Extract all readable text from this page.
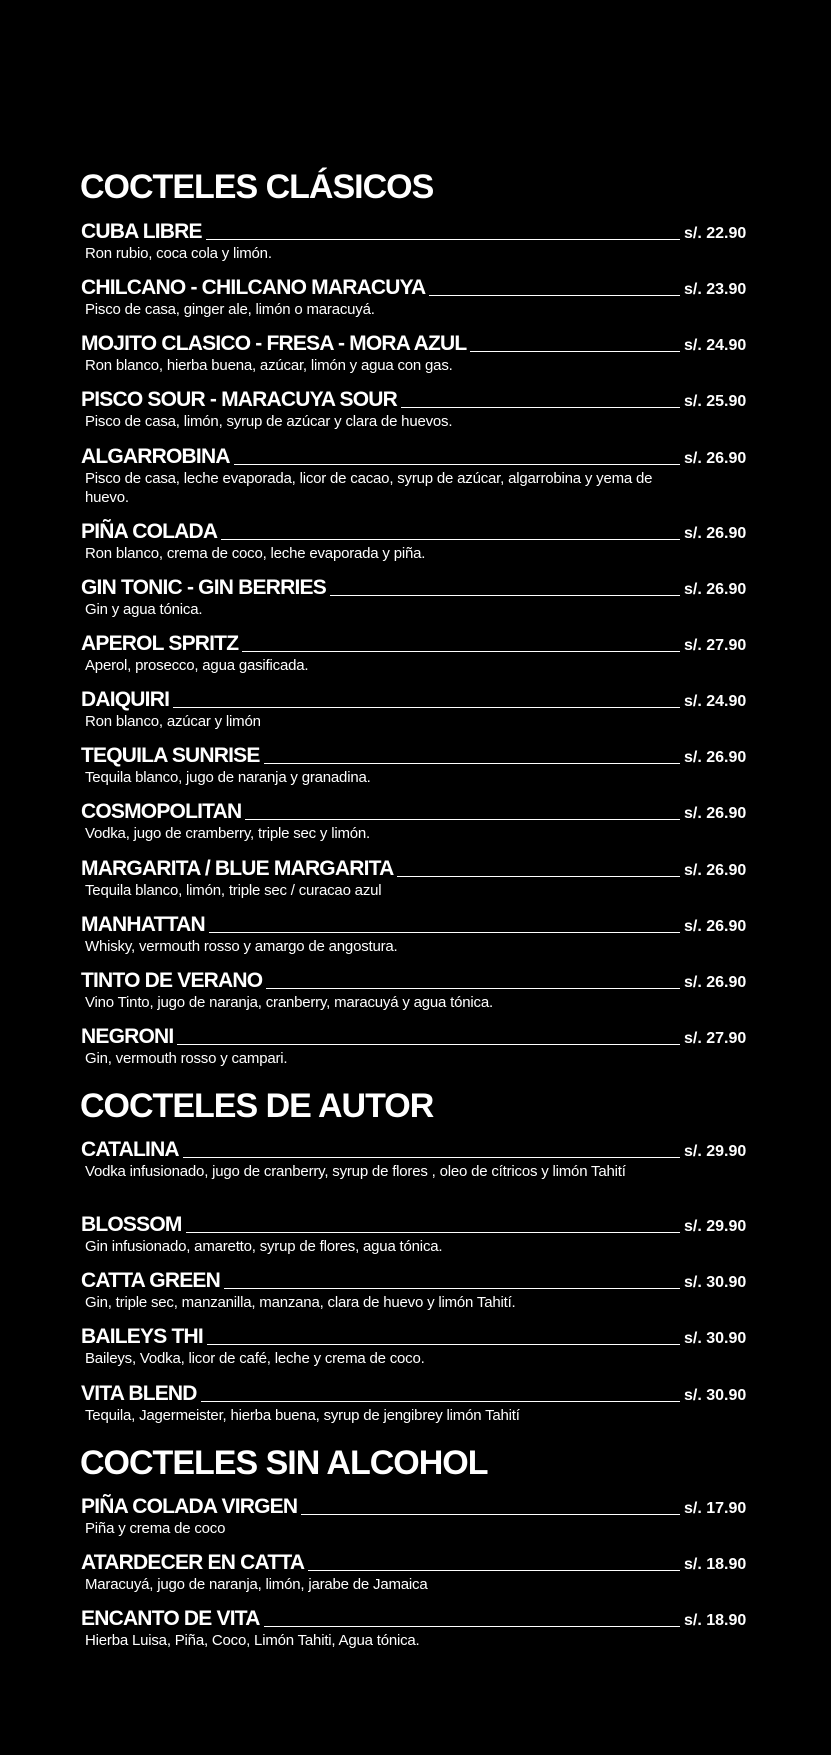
COCTELES CLÁSICOS
CUBA LIBRE	s/. 22.90
Ron rubio, coca cola y limón.
CHILCANO - CHILCANO MARACUYA	s/. 23.90
Pisco de casa, ginger ale, limón o maracuyá.
MOJITO CLASICO - FRESA - MORA AZUL	s/. 24.90
Ron blanco, hierba buena, azúcar, limón y agua con gas.
PISCO SOUR - MARACUYA SOUR	s/. 25.90
Pisco de casa, limón, syrup de azúcar y clara de huevos.
ALGARROBINA	s/. 26.90
Pisco de casa, leche evaporada, licor de cacao, syrup de azúcar, algarrobina y yema de huevo.
PIÑA COLADA	s/. 26.90
Ron blanco, crema de coco, leche evaporada y piña.
GIN TONIC - GIN BERRIES	s/. 26.90
Gin y agua tónica.
APEROL SPRITZ	s/. 27.90
Aperol, prosecco, agua gasificada.
DAIQUIRI	s/. 24.90
Ron blanco, azúcar y limón
TEQUILA SUNRISE	s/. 26.90
Tequila blanco, jugo de naranja y granadina.
COSMOPOLITAN	s/. 26.90
Vodka, jugo de cramberry, triple sec y limón.
MARGARITA / BLUE MARGARITA	s/. 26.90
Tequila blanco, limón, triple sec / curacao azul
MANHATTAN	s/. 26.90
Whisky, vermouth rosso y amargo de angostura.
TINTO DE VERANO	s/. 26.90
Vino Tinto, jugo de naranja, cranberry, maracuyá y agua tónica.
NEGRONI	s/. 27.90
Gin, vermouth rosso y campari.
COCTELES DE AUTOR
CATALINA	s/. 29.90
Vodka infusionado, jugo de cranberry, syrup de flores , oleo de cítricos y limón Tahití
BLOSSOM	s/. 29.90
Gin infusionado, amaretto, syrup de flores, agua tónica.
CATTA GREEN	s/. 30.90
Gin, triple sec, manzanilla, manzana, clara de huevo y limón Tahití.
BAILEYS THI	s/. 30.90
Baileys, Vodka, licor de café, leche y crema de coco.
VITA BLEND	s/. 30.90
Tequila, Jagermeister, hierba buena, syrup de jengibrey limón Tahití
COCTELES SIN ALCOHOL
PIÑA COLADA VIRGEN	s/. 17.90
Piña y crema de coco
ATARDECER EN CATTA	s/. 18.90
Maracuyá, jugo de naranja, limón, jarabe de Jamaica
ENCANTO DE VITA	s/. 18.90
Hierba Luisa, Piña, Coco, Limón Tahiti, Agua tónica.
